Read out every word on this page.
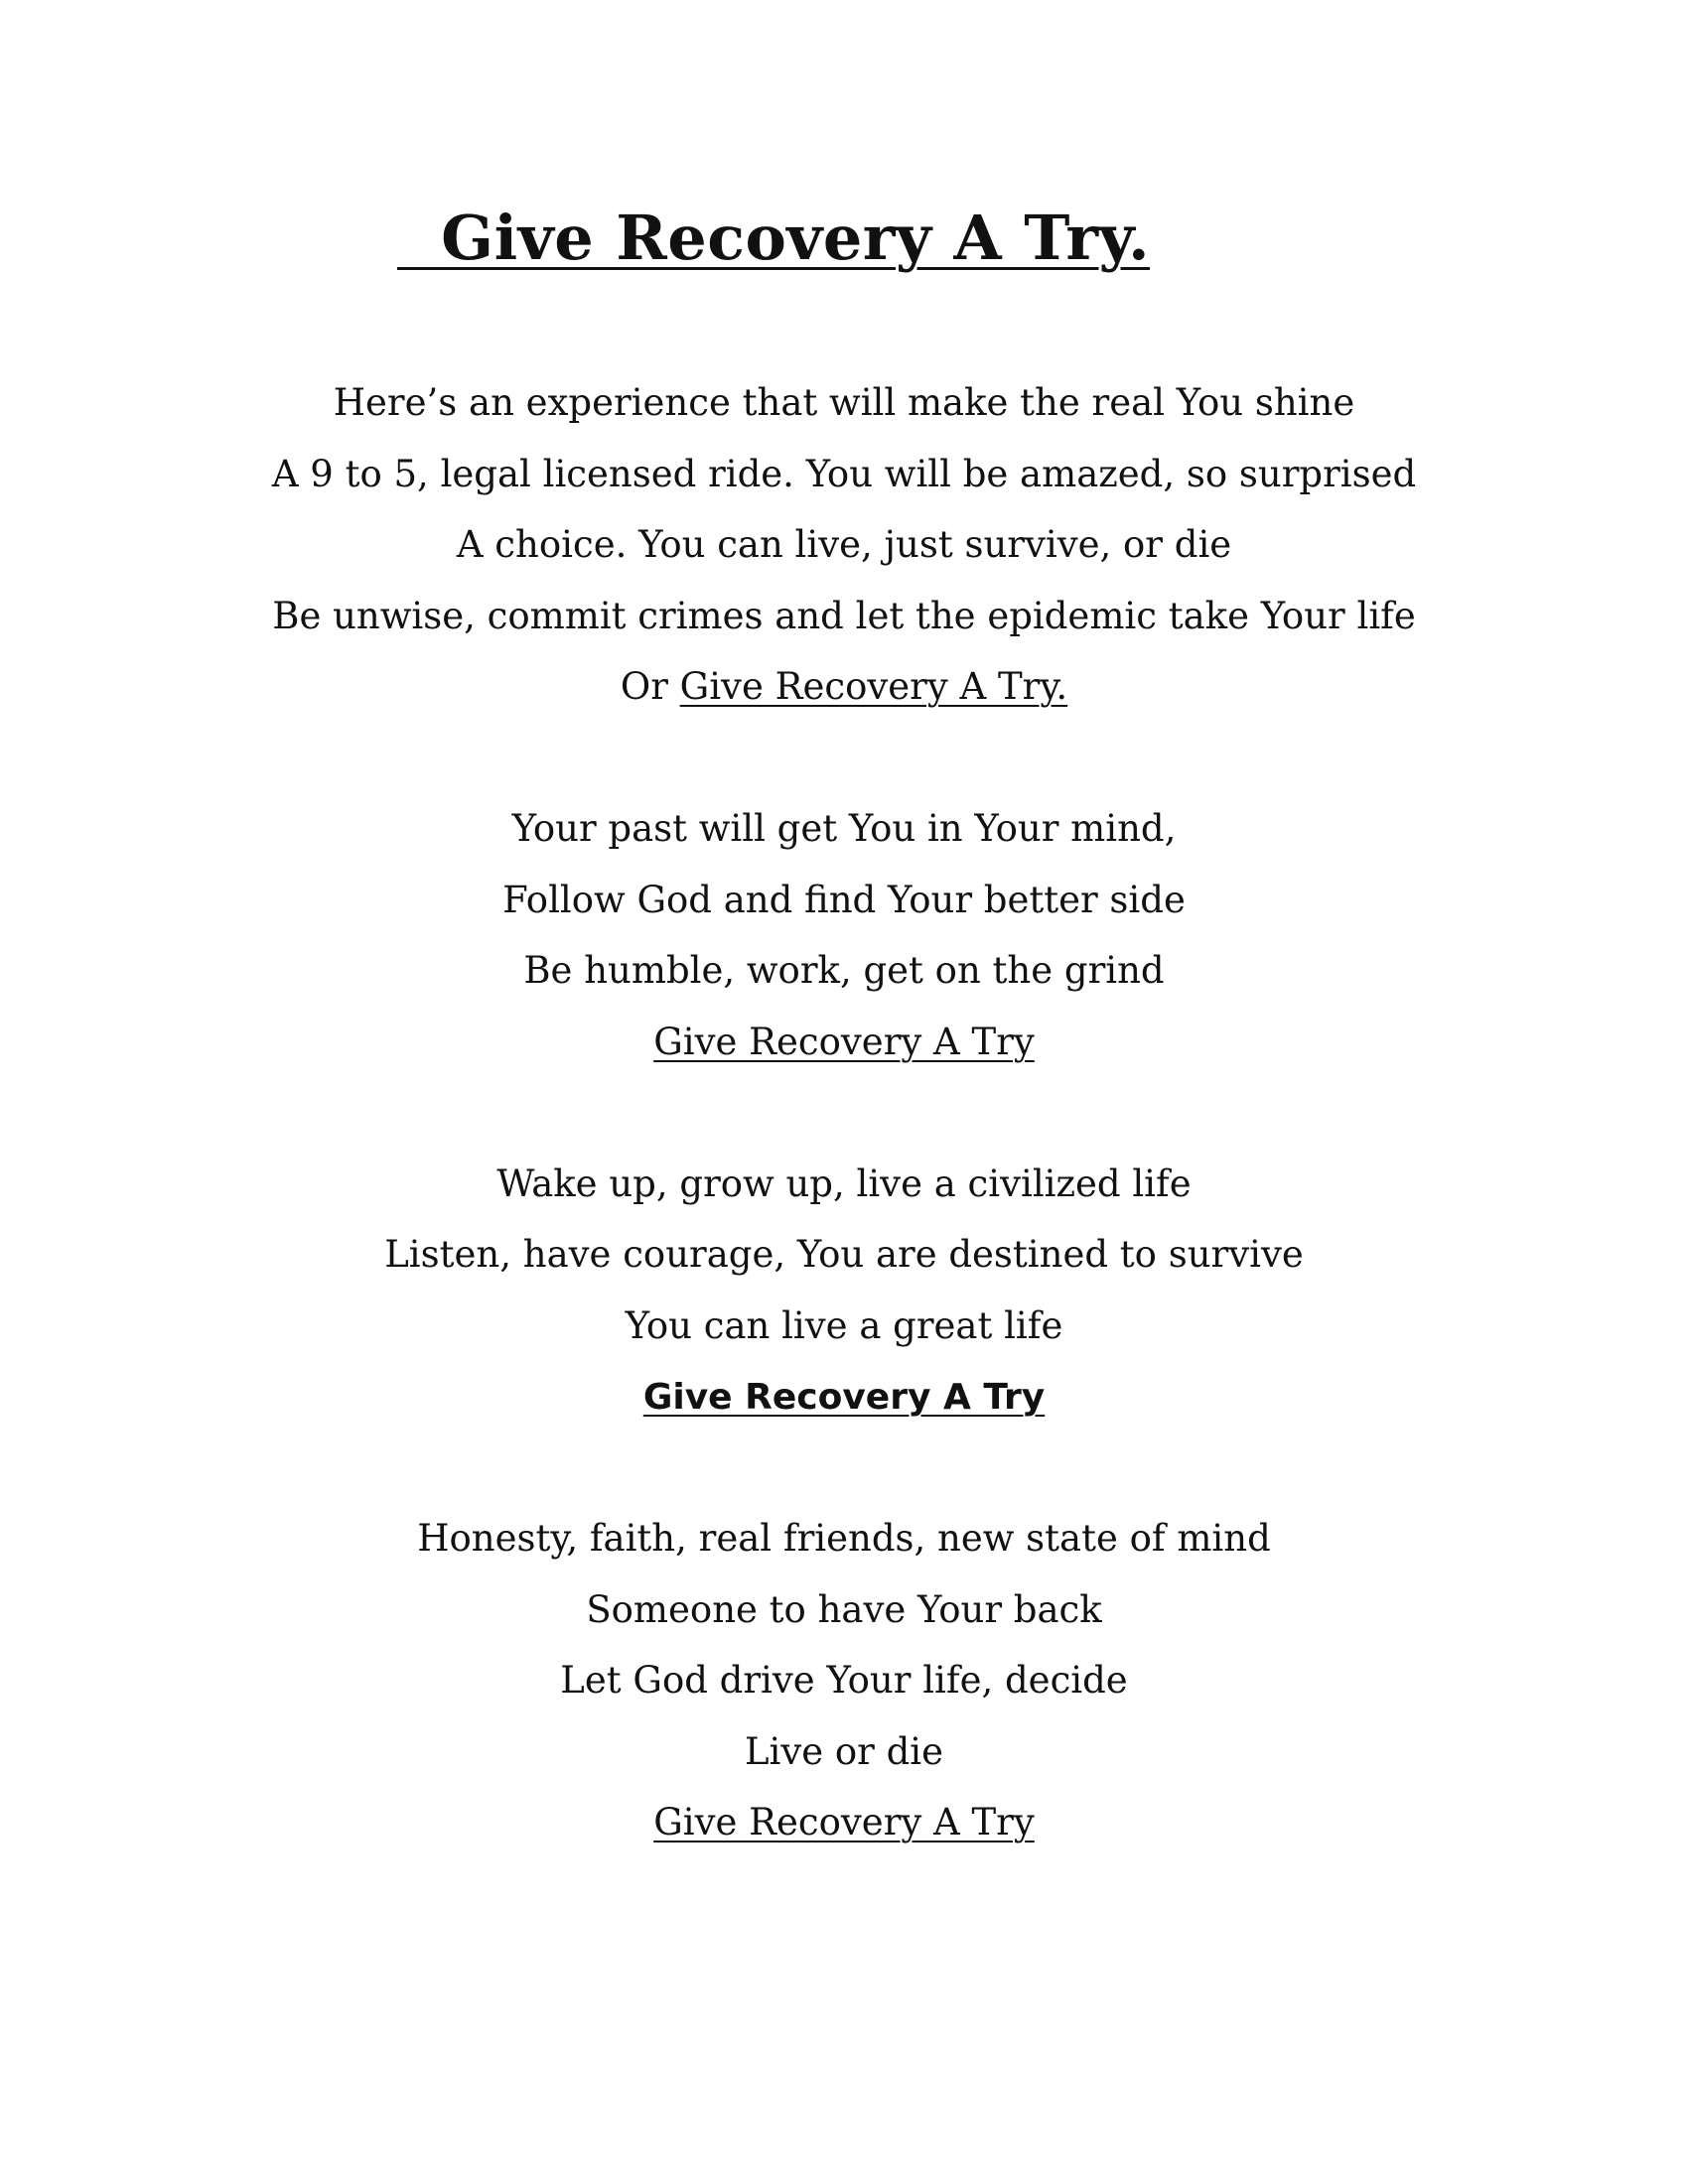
Give Recovery A Try.
Here’s an experience that will make the real You shine
A 9 to 5, legal licensed ride. You will be amazed, so surprised
A choice. You can live, just survive, or die
Be unwise, commit crimes and let the epidemic take Your life
Or Give Recovery A Try.
Your past will get You in Your mind,
Follow God and find Your better side
Be humble, work, get on the grind
Give Recovery A Try
Wake up, grow up, live a civilized life
Listen, have courage, You are destined to survive
You can live a great life
Give Recovery A Try
Honesty, faith, real friends, new state of mind
Someone to have Your back
Let God drive Your life, decide
Live or die
Give Recovery A Try
